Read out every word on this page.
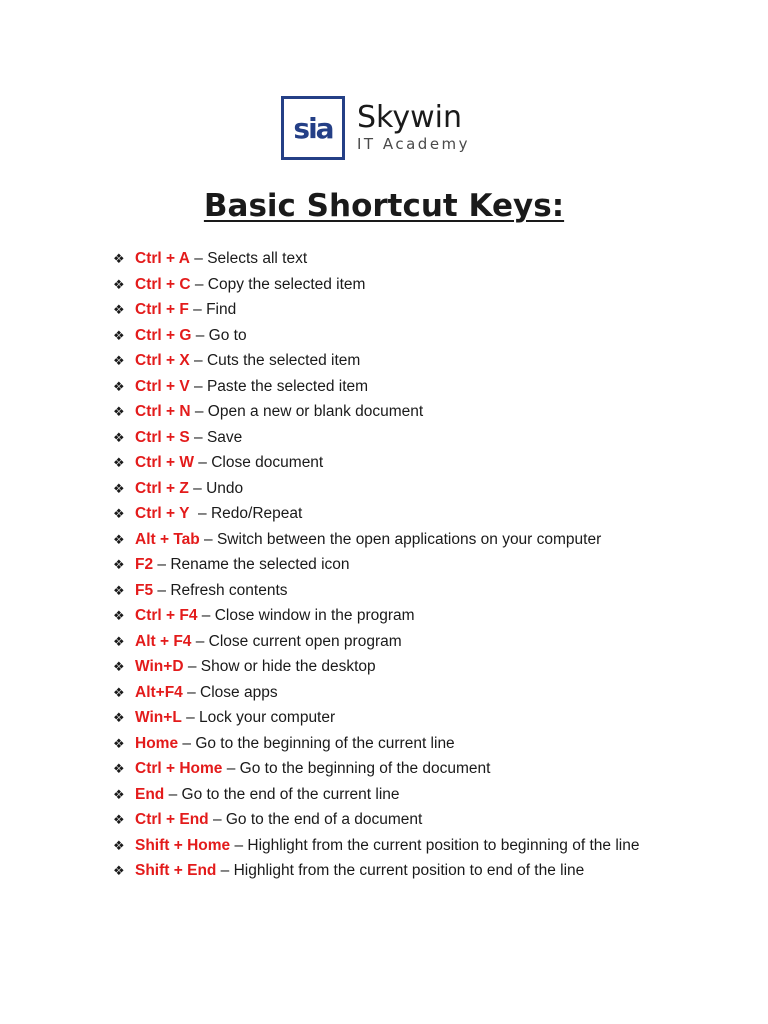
sia Skywin
IT Academy
Basic Shortcut Keys:
❖ Ctrl + A – Selects all text
❖ Ctrl + C – Copy the selected item
❖ Ctrl + F – Find
❖ Ctrl + G – Go to
❖ Ctrl + X – Cuts the selected item
❖ Ctrl + V – Paste the selected item
❖ Ctrl + N – Open a new or blank document
❖ Ctrl + S – Save
❖ Ctrl + W – Close document
❖ Ctrl + Z – Undo
❖ Ctrl + Y – Redo/Repeat
❖ Alt + Tab – Switch between the open applications on your computer
❖ F2 – Rename the selected icon
❖ F5 – Refresh contents
❖ Ctrl + F4 – Close window in the program
❖ Alt + F4 – Close current open program
❖ Win+D – Show or hide the desktop
❖ Alt+F4 – Close apps
❖ Win+L – Lock your computer
❖ Home – Go to the beginning of the current line
❖ Ctrl + Home – Go to the beginning of the document
❖ End – Go to the end of the current line
❖ Ctrl + End – Go to the end of a document
❖ Shift + Home – Highlight from the current position to beginning of the line
❖ Shift + End – Highlight from the current position to end of the line
